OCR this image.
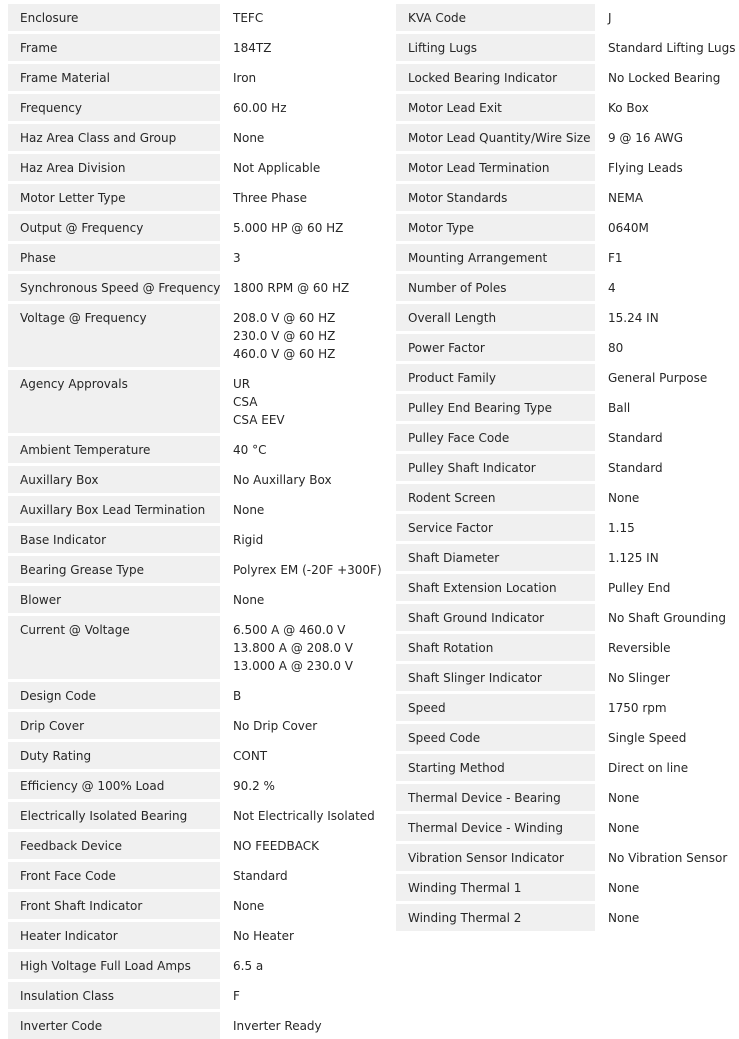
Enclosure	TEFC

Frame	184TZ

Frame Material	Iron

Frequency	60.00 Hz

Haz Area Class and Group	None

Haz Area Division	Not Applicable

Motor Letter Type	Three Phase

Output @ Frequency	5.000 HP @ 60 HZ

Phase	3

Synchronous Speed @ Frequency	1800 RPM @ 60 HZ

Voltage @ Frequency	208.0 V @ 60 HZ
230.0 V @ 60 HZ
460.0 V @ 60 HZ

Agency Approvals	UR
CSA
CSA EEV

Ambient Temperature	40 °C

Auxillary Box	No Auxillary Box

Auxillary Box Lead Termination	None

Base Indicator	Rigid

Bearing Grease Type	Polyrex EM (-20F +300F)

Blower	None

Current @ Voltage	6.500 A @ 460.0 V
13.800 A @ 208.0 V
13.000 A @ 230.0 V

Design Code	B

Drip Cover	No Drip Cover

Duty Rating	CONT

Efficiency @ 100% Load	90.2 %

Electrically Isolated Bearing	Not Electrically Isolated

Feedback Device	NO FEEDBACK

Front Face Code	Standard

Front Shaft Indicator	None

Heater Indicator	No Heater

High Voltage Full Load Amps	6.5 a

Insulation Class	F

Inverter Code	Inverter Ready
KVA Code	J

Lifting Lugs	Standard Lifting Lugs

Locked Bearing Indicator	No Locked Bearing

Motor Lead Exit	Ko Box

Motor Lead Quantity/Wire Size	9 @ 16 AWG

Motor Lead Termination	Flying Leads

Motor Standards	NEMA

Motor Type	0640M

Mounting Arrangement	F1

Number of Poles	4

Overall Length	15.24 IN

Power Factor	80

Product Family	General Purpose

Pulley End Bearing Type	Ball

Pulley Face Code	Standard

Pulley Shaft Indicator	Standard

Rodent Screen	None

Service Factor	1.15

Shaft Diameter	1.125 IN

Shaft Extension Location	Pulley End

Shaft Ground Indicator	No Shaft Grounding

Shaft Rotation	Reversible

Shaft Slinger Indicator	No Slinger

Speed	1750 rpm

Speed Code	Single Speed

Starting Method	Direct on line

Thermal Device - Bearing	None

Thermal Device - Winding	None

Vibration Sensor Indicator	No Vibration Sensor

Winding Thermal 1	None

Winding Thermal 2	None
